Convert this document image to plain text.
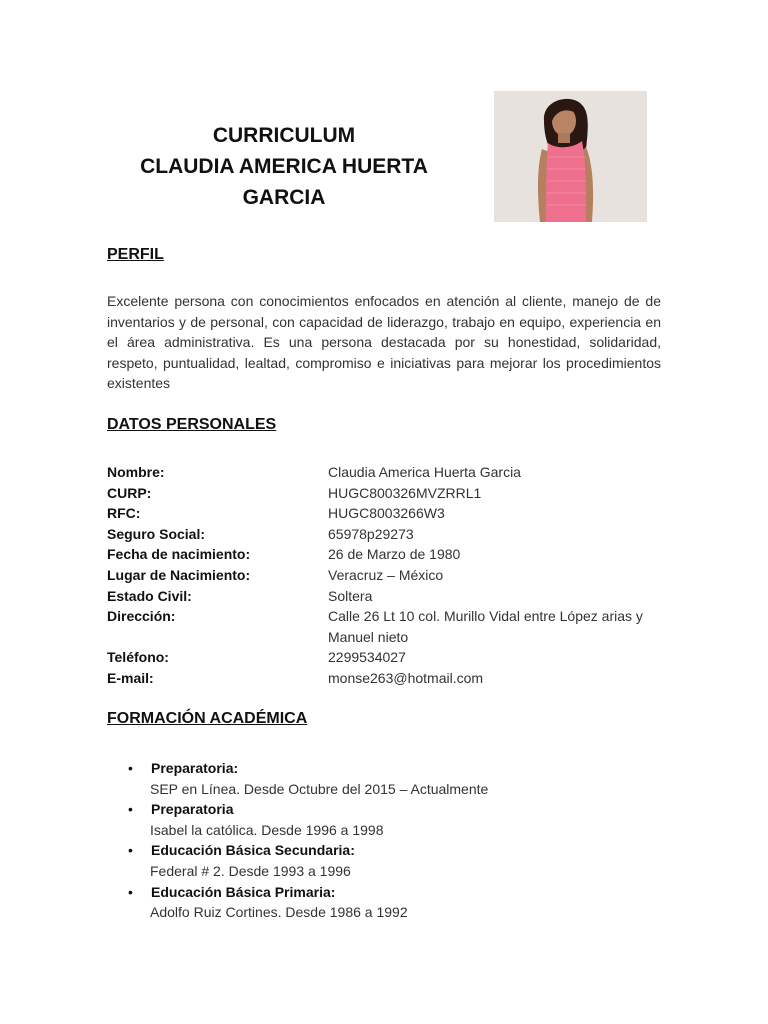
CURRICULUM
CLAUDIA AMERICA HUERTA
GARCIA
PERFIL

Excelente persona con conocimientos enfocados en atención al cliente, manejo de de inventarios y de personal, con capacidad de liderazgo, trabajo en equipo, experiencia en el área administrativa. Es una persona destacada por su honestidad, solidaridad, respeto, puntualidad, lealtad, compromiso e iniciativas para mejorar los procedimientos existentes

DATOS PERSONALES
Nombre:	Claudia America Huerta Garcia
CURP:	HUGC800326MVZRRL1
RFC:	HUGC8003266W3
Seguro Social:	65978p29273
Fecha de nacimiento:	26 de Marzo de 1980
Lugar de Nacimiento:	Veracruz – México
Estado Civil:	Soltera
Dirección:	Calle 26 Lt 10 col. Murillo Vidal entre López arias y Manuel nieto
Teléfono:	2299534027
E-mail:	monse263@hotmail.com
FORMACIÓN ACADÉMICA
• Preparatoria:
SEP en Línea. Desde Octubre del 2015 – Actualmente
• Preparatoria
Isabel la católica. Desde 1996 a 1998
• Educación Básica Secundaria:
Federal # 2. Desde 1993 a 1996
• Educación Básica Primaria:
Adolfo Ruiz Cortines. Desde 1986 a 1992
